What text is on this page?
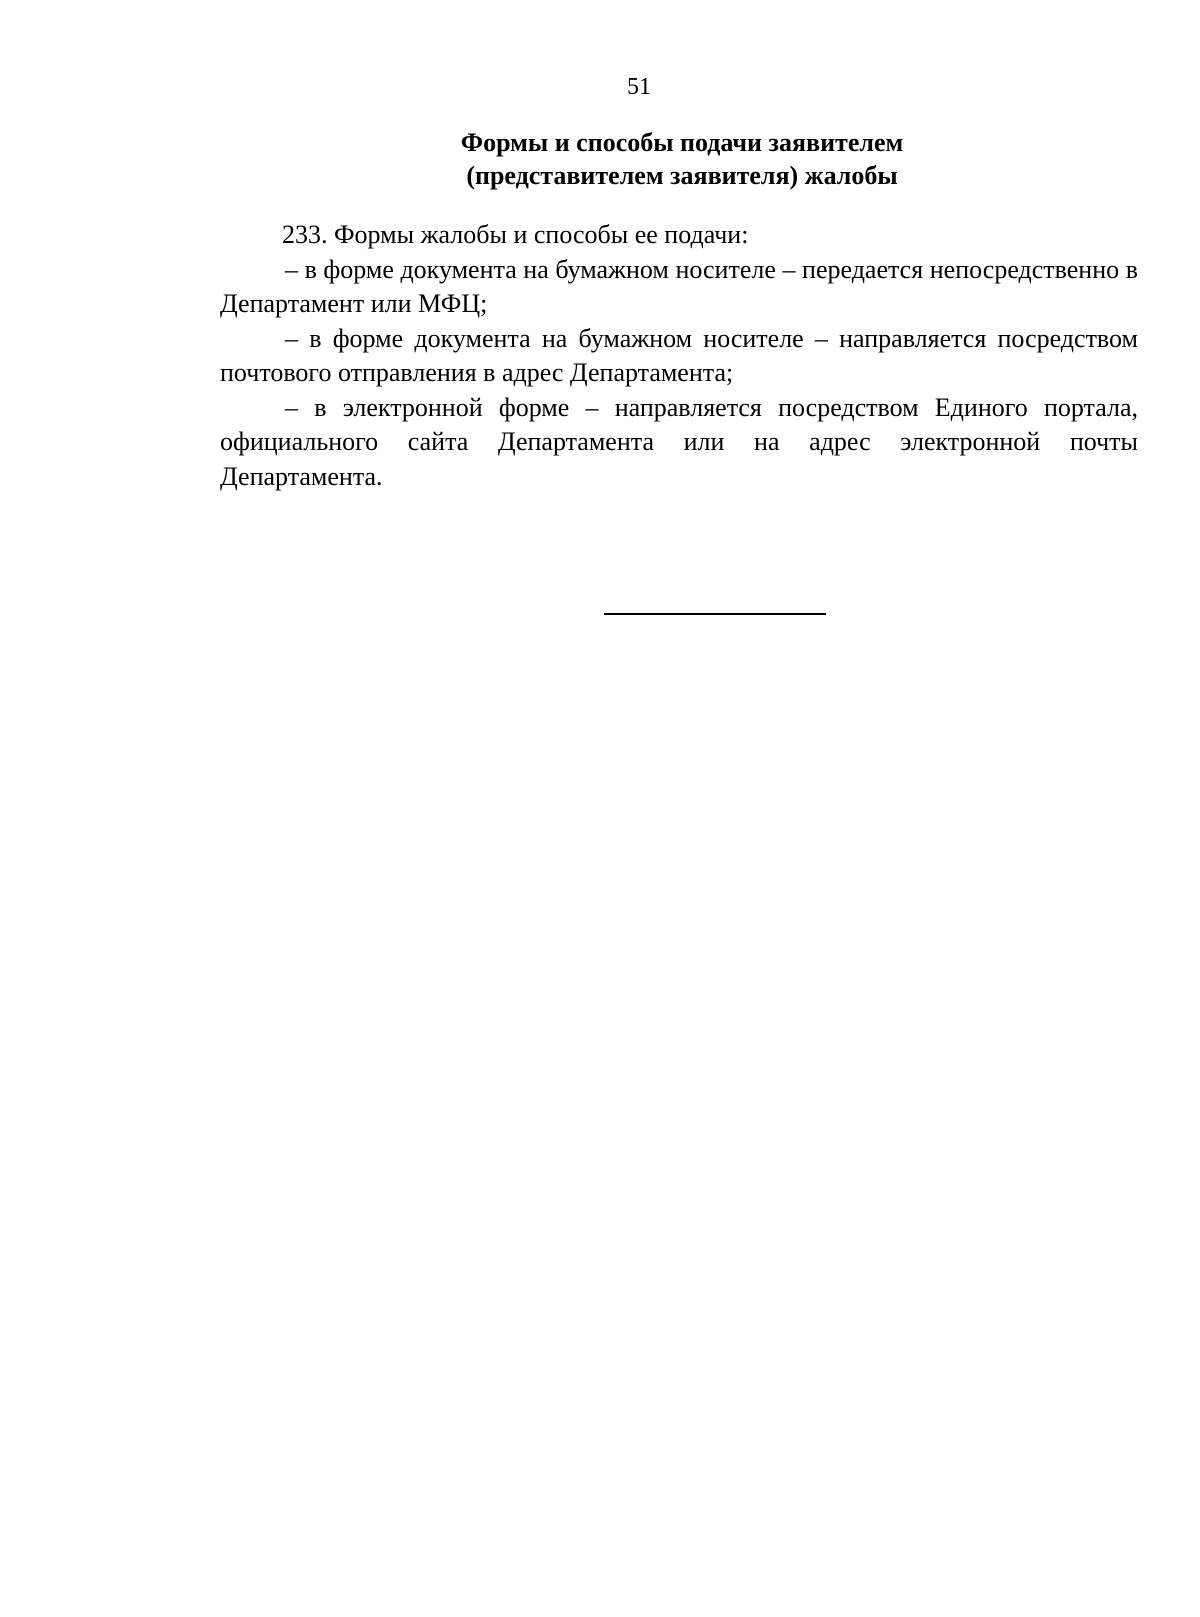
51
Формы и способы подачи заявителем
(представителем заявителя) жалобы

233. Формы жалобы и способы ее подачи:

– в форме документа на бумажном носителе – передается непосредственно в Департамент или МФЦ;

– в форме документа на бумажном носителе – направляется посредством почтового отправления в адрес Департамента;

– в электронной форме – направляется посредством Единого портала, официального сайта Департамента или на адрес электронной почты Департамента.
